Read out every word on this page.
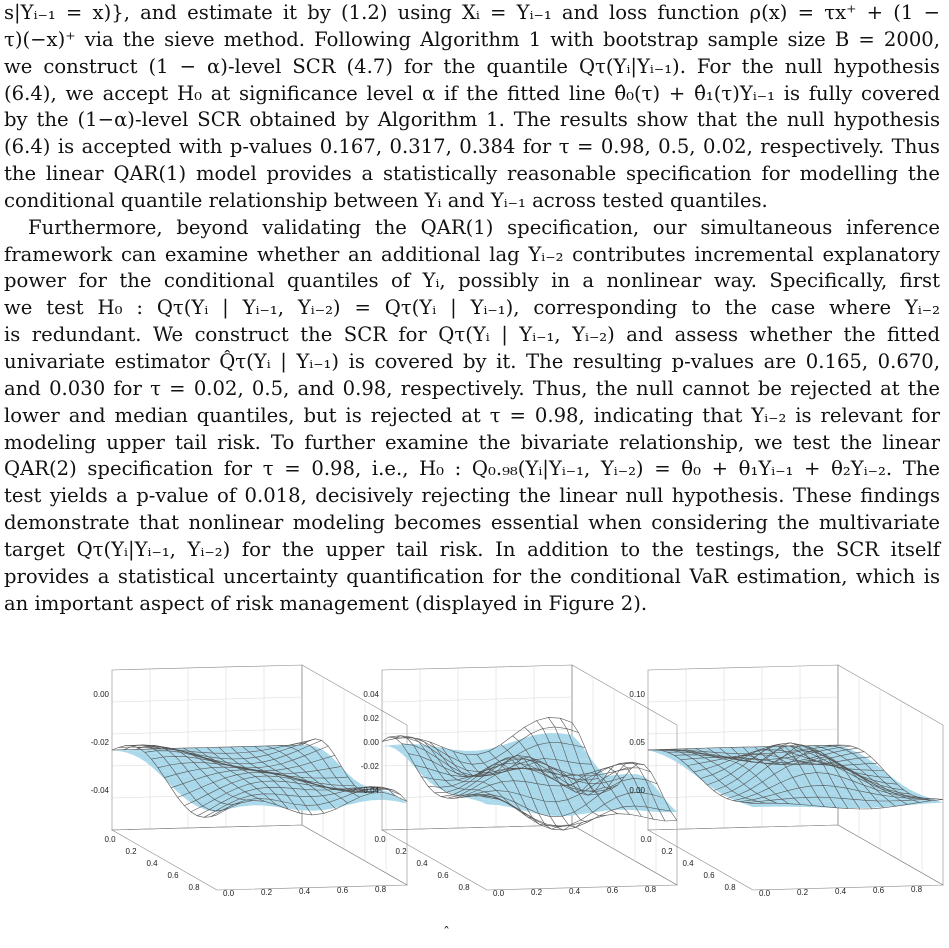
s|Yᵢ₋₁ = x)}, and estimate it by (1.2) using Xᵢ = Yᵢ₋₁ and loss function ρ(x) = τx⁺ + (1 −
τ)(−x)⁺ via the sieve method. Following Algorithm 1 with bootstrap sample size B = 2000,
we construct (1 − α)-level SCR (4.7) for the quantile Qτ(Yᵢ|Yᵢ₋₁). For the null hypothesis
(6.4), we accept H₀ at significance level α if the fitted line θ̂₀(τ) + θ̂₁(τ)Yᵢ₋₁ is fully covered
by the (1−α)-level SCR obtained by Algorithm 1. The results show that the null hypothesis
(6.4) is accepted with p-values 0.167, 0.317, 0.384 for τ = 0.98, 0.5, 0.02, respectively. Thus
the linear QAR(1) model provides a statistically reasonable specification for modelling the
conditional quantile relationship between Yᵢ and Yᵢ₋₁ across tested quantiles.

Furthermore, beyond validating the QAR(1) specification, our simultaneous inference
framework can examine whether an additional lag Yᵢ₋₂ contributes incremental explanatory
power for the conditional quantiles of Yᵢ, possibly in a nonlinear way. Specifically, first
we test H₀ : Qτ(Yᵢ | Yᵢ₋₁, Yᵢ₋₂) = Qτ(Yᵢ | Yᵢ₋₁), corresponding to the case where Yᵢ₋₂
is redundant. We construct the SCR for Qτ(Yᵢ | Yᵢ₋₁, Yᵢ₋₂) and assess whether the fitted
univariate estimator Q̂τ(Yᵢ | Yᵢ₋₁) is covered by it. The resulting p-values are 0.165, 0.670,
and 0.030 for τ = 0.02, 0.5, and 0.98, respectively. Thus, the null cannot be rejected at the
lower and median quantiles, but is rejected at τ = 0.98, indicating that Yᵢ₋₂ is relevant for
modeling upper tail risk. To further examine the bivariate relationship, we test the linear
QAR(2) specification for τ = 0.98, i.e., H₀ : Q₀.₉₈(Yᵢ|Yᵢ₋₁, Yᵢ₋₂) = θ₀ + θ₁Yᵢ₋₁ + θ₂Yᵢ₋₂. The
test yields a p-value of 0.018, decisively rejecting the linear null hypothesis. These findings
demonstrate that nonlinear modeling becomes essential when considering the multivariate
target Qτ(Yᵢ|Yᵢ₋₁, Yᵢ₋₂) for the upper tail risk. In addition to the testings, the SCR itself
provides a statistical uncertainty quantification for the conditional VaR estimation, which is
an important aspect of risk management (displayed in Figure 2).

0.00
-0.02
-0.04
0.0
0.2
0.4
0.6
0.8
0.0	0.2	0.4	0.6	0.8
0.04
0.02
0.00
-0.02
-0.04
0.0
0.2
0.4
0.6
0.8
0.0	0.2	0.4	0.6	0.8
0.10
0.05
0.00
0.0
0.2
0.4
0.6
0.8
0.0	0.2	0.4	0.6	0.8
